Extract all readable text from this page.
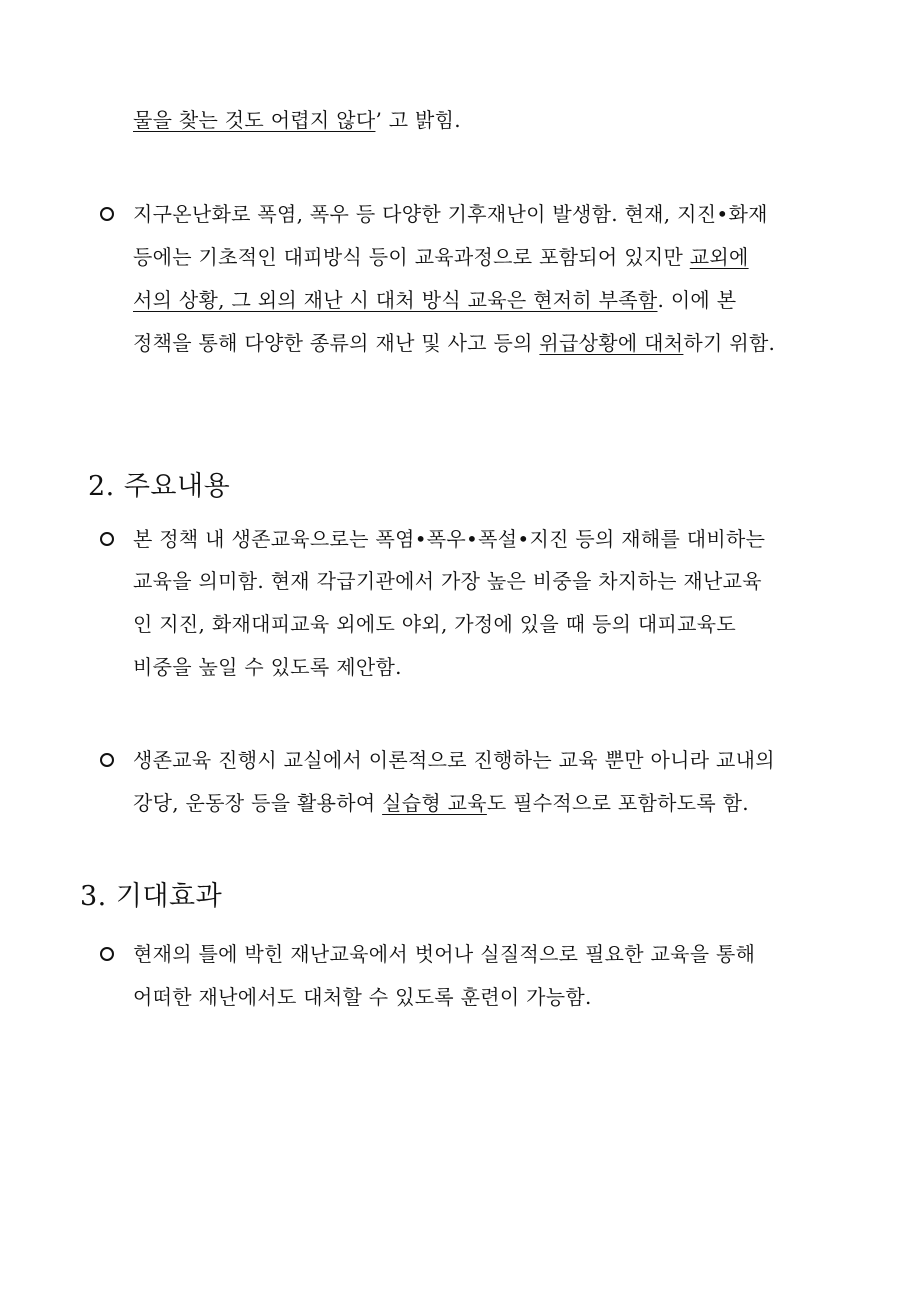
물을 찾는 것도 어렵지 않다’ 고 밝힘.
지구온난화로 폭염, 폭우 등 다양한 기후재난이 발생함. 현재, 지진•화재
등에는 기초적인 대피방식 등이 교육과정으로 포함되어 있지만 교외에
서의 상황, 그 외의 재난 시 대처 방식 교육은 현저히 부족함. 이에 본
정책을 통해 다양한 종류의 재난 및 사고 등의 위급상황에 대처하기 위함.
2. 주요내용
본 정책 내 생존교육으로는 폭염•폭우•폭설•지진 등의 재해를 대비하는
교육을 의미함. 현재 각급기관에서 가장 높은 비중을 차지하는 재난교육
인 지진, 화재대피교육 외에도 야외, 가정에 있을 때 등의 대피교육도
비중을 높일 수 있도록 제안함.
생존교육 진행시 교실에서 이론적으로 진행하는 교육 뿐만 아니라 교내의
강당, 운동장 등을 활용하여 실습형 교육도 필수적으로 포함하도록 함.
3. 기대효과
현재의 틀에 박힌 재난교육에서 벗어나 실질적으로 필요한 교육을 통해
어떠한 재난에서도 대처할 수 있도록 훈련이 가능함.
